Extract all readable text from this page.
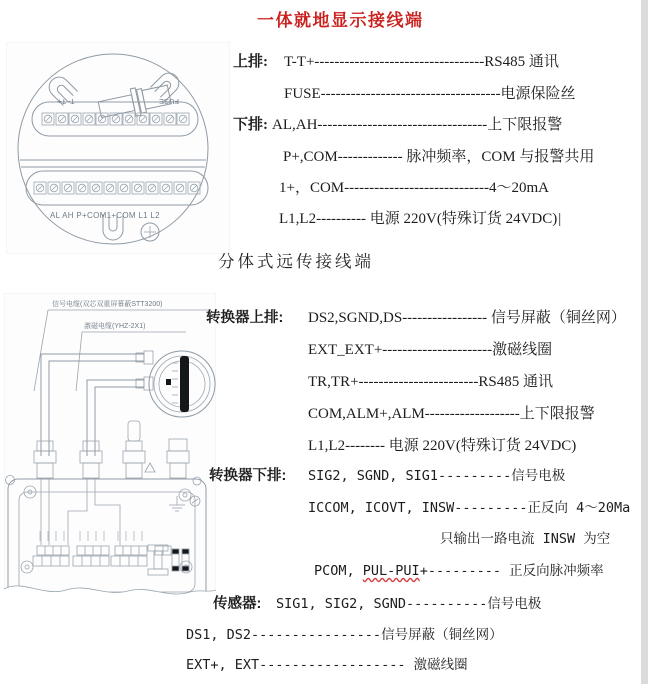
一体就地显示接线端
T- T+	FUSE
AL AH P+COM1+COM L1 L2
上排: T-T+----------------------------------RS485 通讯
FUSE------------------------------------电源保险丝
下排: AL,AH----------------------------------上下限报警
P+,COM------------- 脉冲频率，COM 与报警共用
1+，COM-----------------------------4～20mA
L1,L2---------- 电源 220V(特殊订货 24VDC)|
分体式远传接线端
信号电缆(双芯双重屏幕蔽STT3200)
激磁电缆(YHZ-2X1)
转换器上排: DS2,SGND,DS----------------- 信号屏蔽（铜丝网）
EXT_EXT+----------------------激磁线圈
TR,TR+------------------------RS485 通讯
COM,ALM+,ALM-------------------上下限报警
L1,L2-------- 电源 220V(特殊订货 24VDC)
转换器下排: SIG2, SGND, SIG1---------信号电极
ICCOM, ICOVT, INSW---------正反向 4～20Ma
只输出一路电流 INSW 为空
PCOM, PUL-PUI+--------- 正反向脉冲频率
传感器: SIG1, SIG2, SGND----------信号电极
DS1, DS2----------------信号屏蔽（铜丝网）
EXT+, EXT------------------ 激磁线圈
